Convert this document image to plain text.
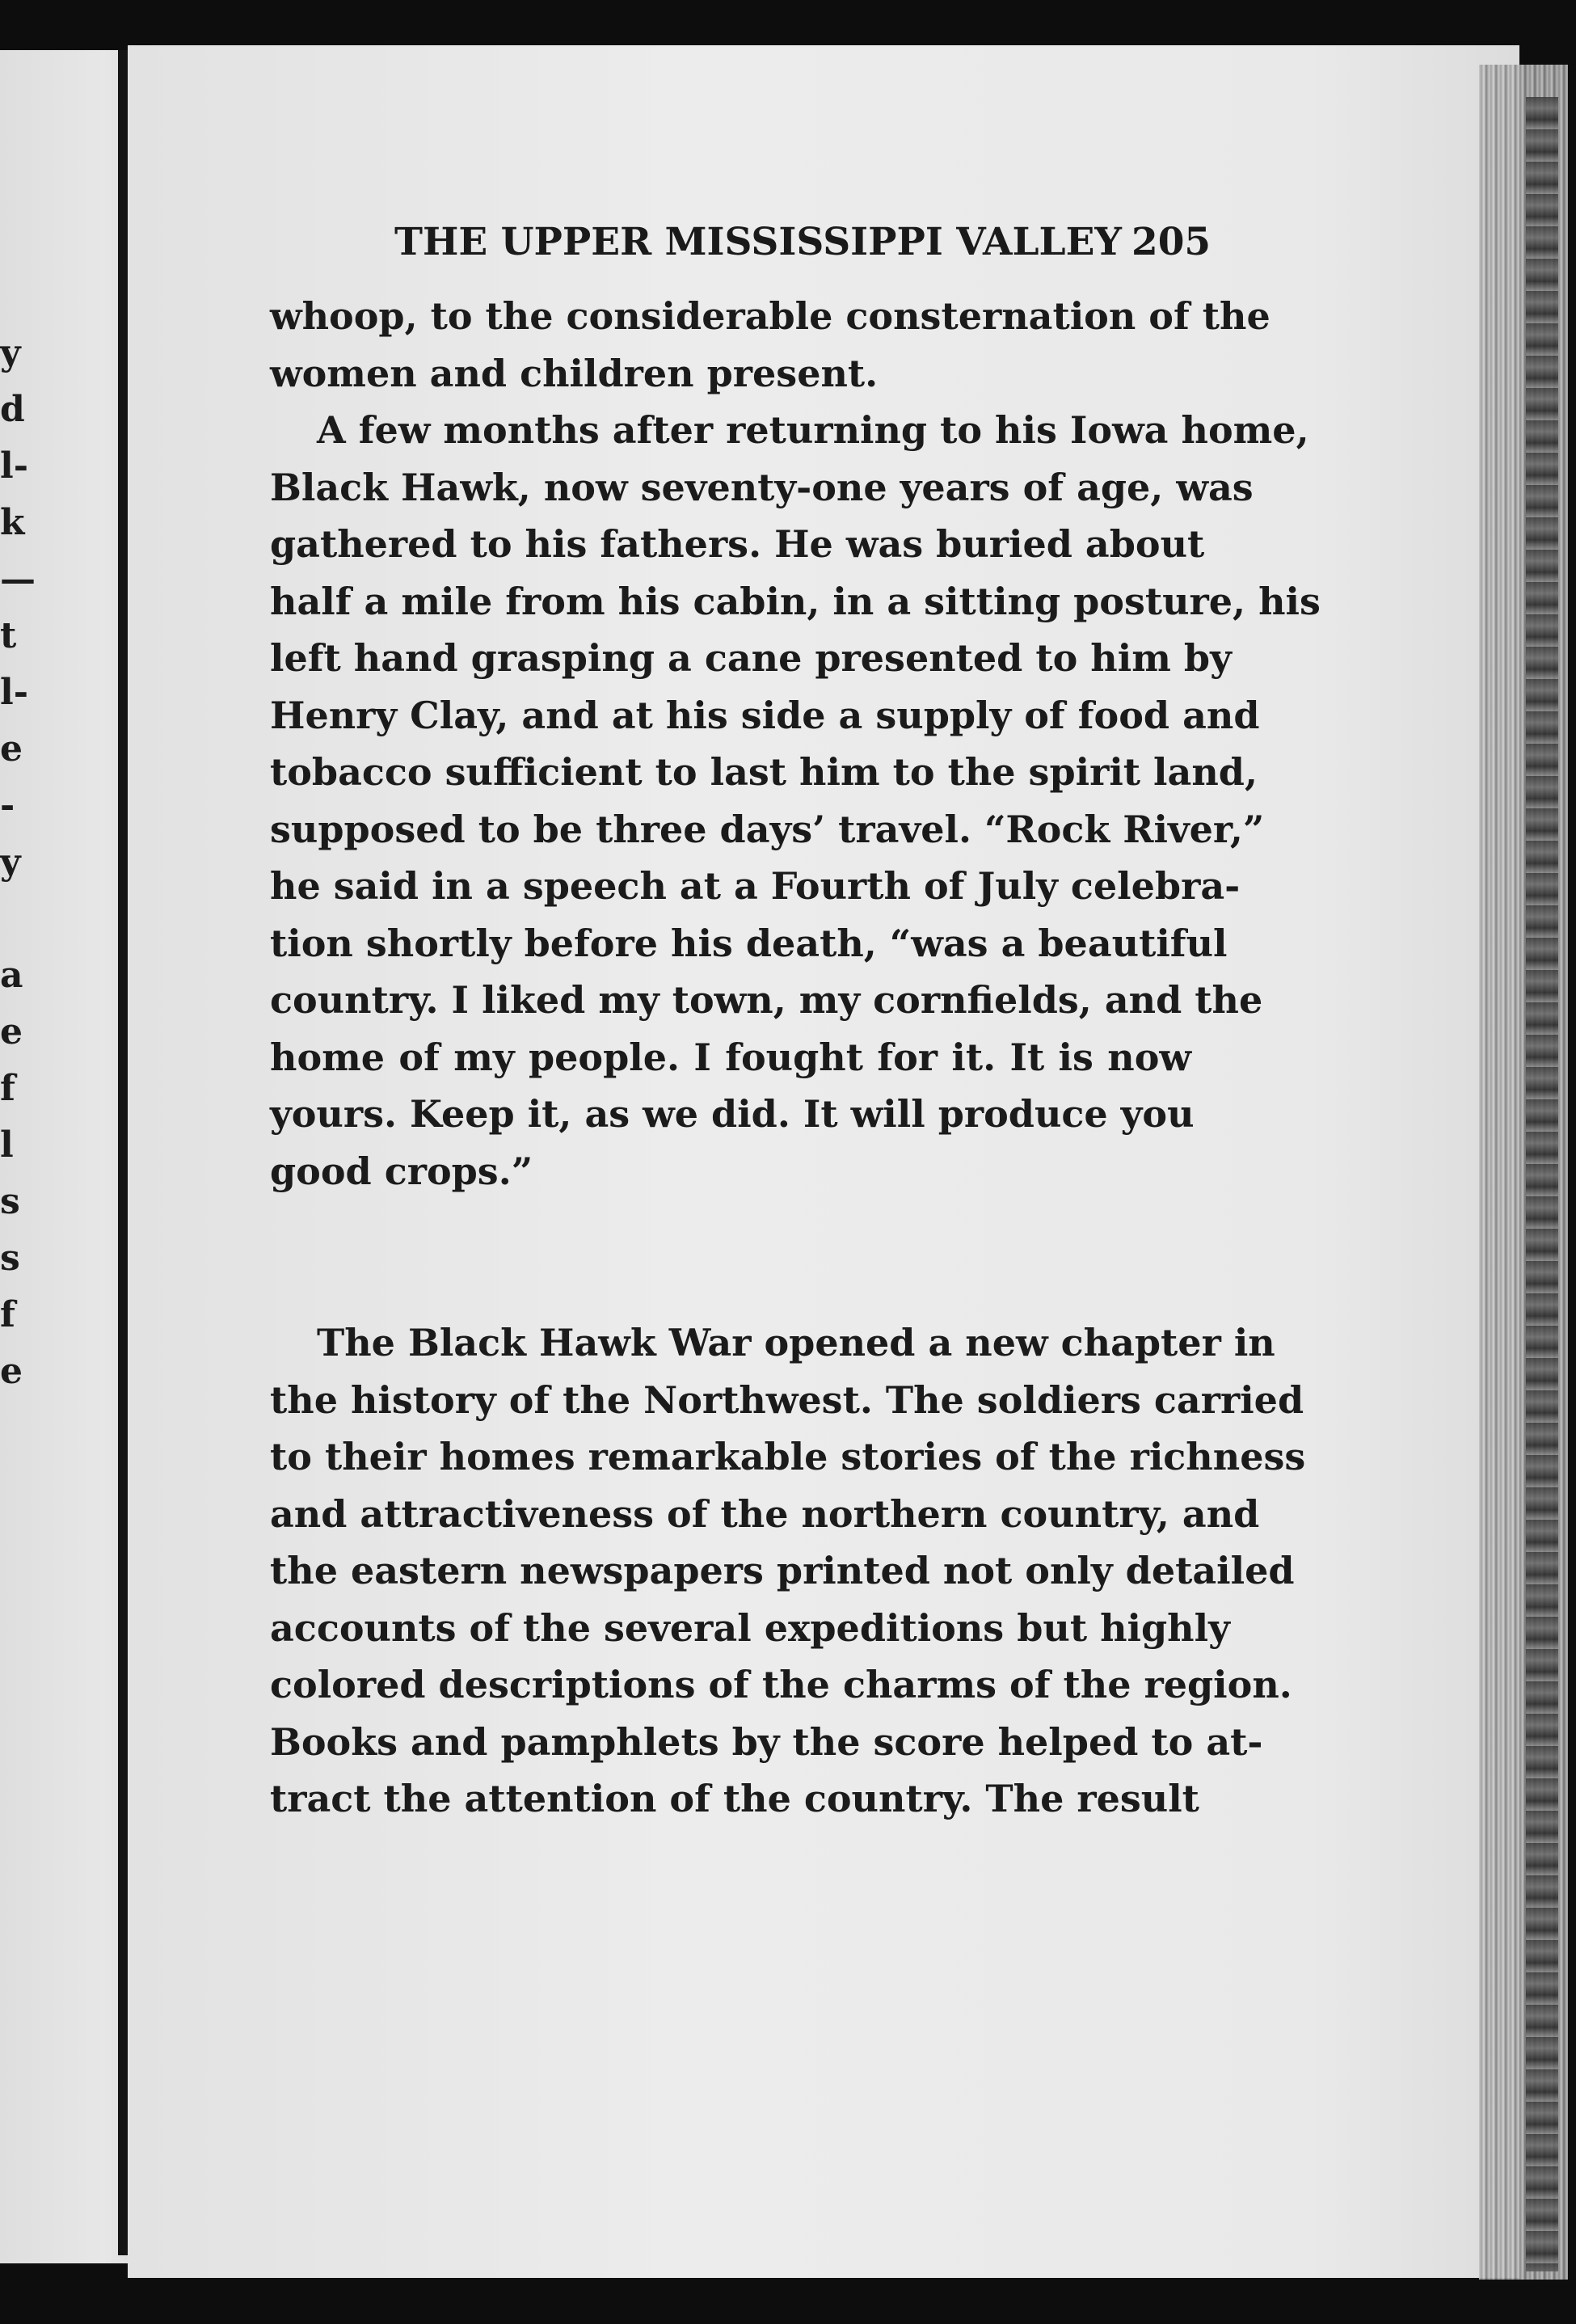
y
d
l-
k
—
t
l-
e
-
y
a
e
f
l
s
s
f
e
THE UPPER MISSISSIPPI VALLEY 205
whoop, to the considerable consternation of the
women and children present.
A few months after returning to his Iowa home,
Black Hawk, now seventy-one years of age, was
gathered to his fathers. He was buried about
half a mile from his cabin, in a sitting posture, his
left hand grasping a cane presented to him by
Henry Clay, and at his side a supply of food and
tobacco sufficient to last him to the spirit land,
supposed to be three days’ travel. “Rock River,”
he said in a speech at a Fourth of July celebra-
tion shortly before his death, “was a beautiful
country. I liked my town, my cornfields, and the
home of my people. I fought for it. It is now
yours. Keep it, as we did. It will produce you
good crops.”
The Black Hawk War opened a new chapter in
the history of the Northwest. The soldiers carried
to their homes remarkable stories of the richness
and attractiveness of the northern country, and
the eastern newspapers printed not only detailed
accounts of the several expeditions but highly
colored descriptions of the charms of the region.
Books and pamphlets by the score helped to at-
tract the attention of the country. The result
